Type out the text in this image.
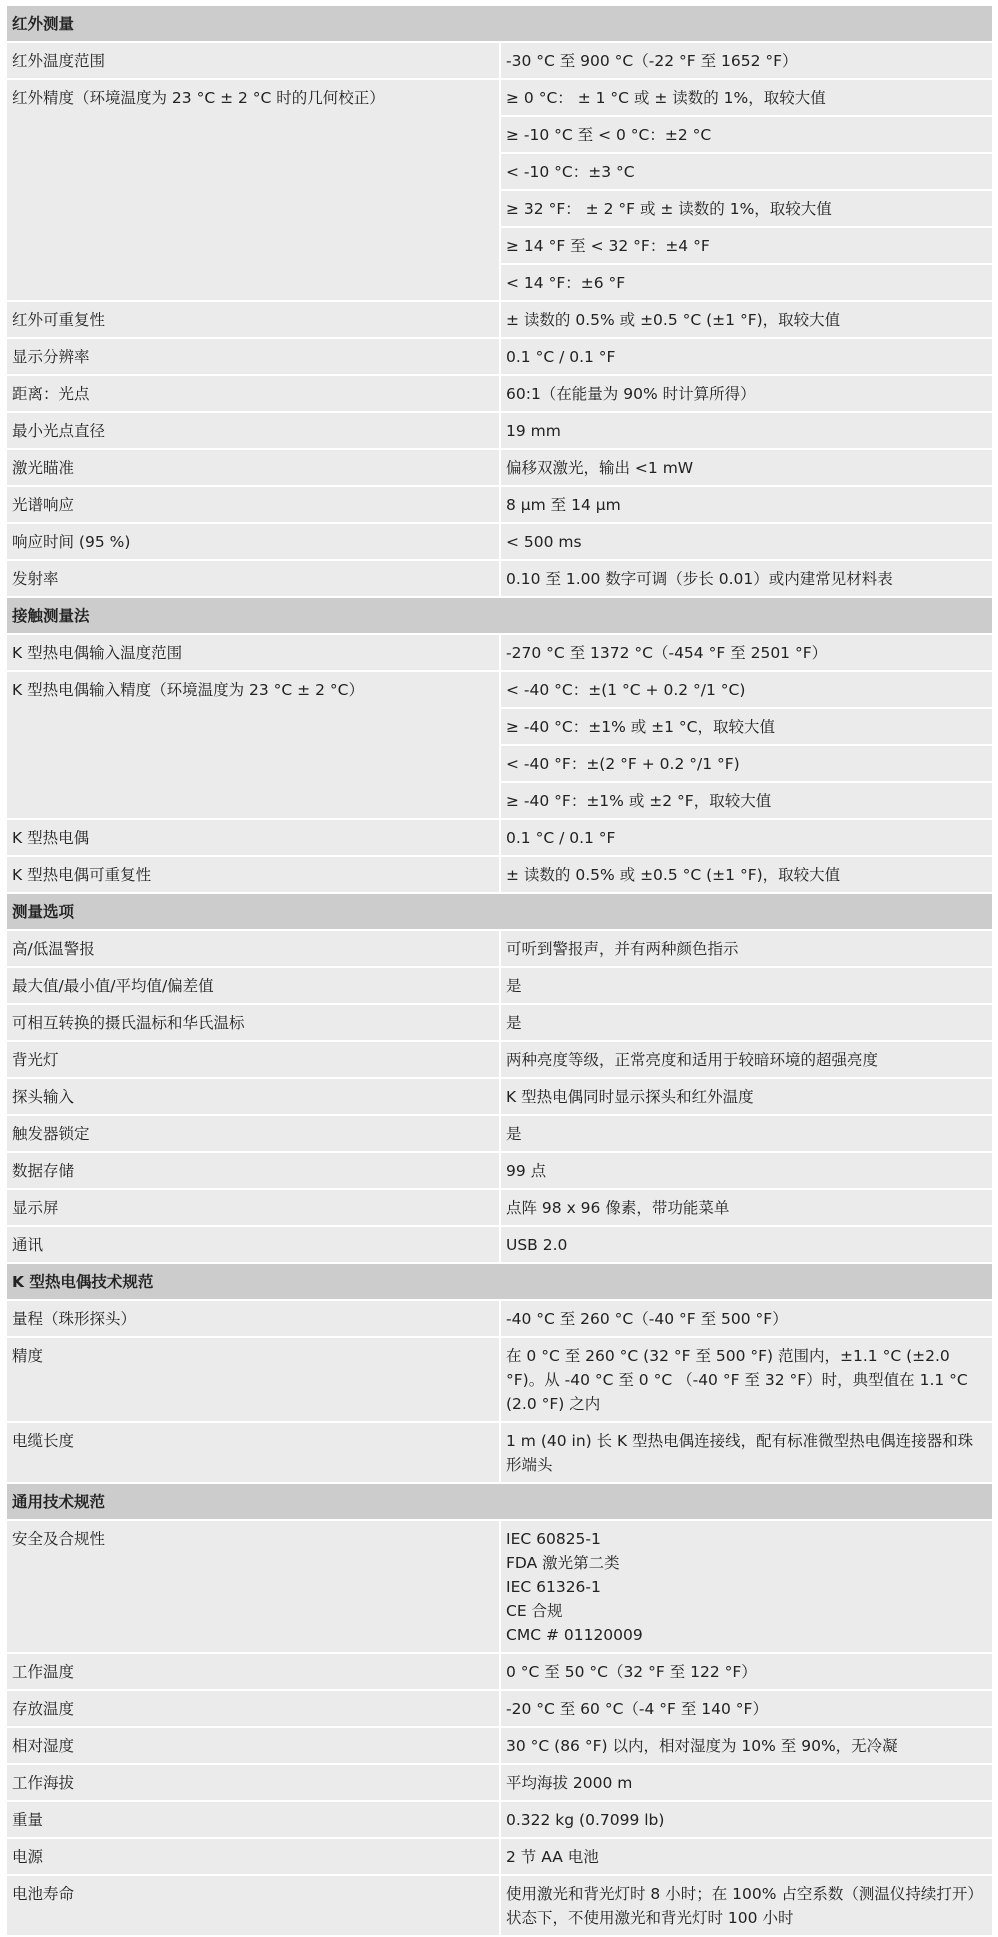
红外测量	
红外温度范围	-30 °C 至 900 °C（-22 °F 至 1652 °F）
红外精度（环境温度为 23 °C ± 2 °C 时的几何校正）	≥ 0 °C： ± 1 °C 或 ± 读数的 1%，取较大值
	≥ -10 °C 至 < 0 °C：±2 °C
	< -10 °C：±3 °C
	≥ 32 °F： ± 2 °F 或 ± 读数的 1%，取较大值
	≥ 14 °F 至 < 32 °F：±4 °F
	< 14 °F：±6 °F
红外可重复性	± 读数的 0.5% 或 ±0.5 °C (±1 °F)，取较大值
显示分辨率	0.1 °C / 0.1 °F
距离：光点	60:1（在能量为 90% 时计算所得）
最小光点直径	19 mm
激光瞄准	偏移双激光，输出 <1 mW
光谱响应	8 µm 至 14 µm
响应时间 (95 %)	< 500 ms
发射率	0.10 至 1.00 数字可调（步长 0.01）或内建常见材料表
接触测量法	
K 型热电偶输入温度范围	-270 °C 至 1372 °C（-454 °F 至 2501 °F）
K 型热电偶输入精度（环境温度为 23 °C ± 2 °C）	< -40 °C：±(1 °C + 0.2 °/1 °C)
	≥ -40 °C：±1% 或 ±1 °C，取较大值
	< -40 °F：±(2 °F + 0.2 °/1 °F)
	≥ -40 °F：±1% 或 ±2 °F，取较大值
K 型热电偶	0.1 °C / 0.1 °F
K 型热电偶可重复性	± 读数的 0.5% 或 ±0.5 °C (±1 °F)，取较大值
测量选项	
高/低温警报	可听到警报声，并有两种颜色指示
最大值/最小值/平均值/偏差值	是
可相互转换的摄氏温标和华氏温标	是
背光灯	两种亮度等级，正常亮度和适用于较暗环境的超强亮度
探头输入	K 型热电偶同时显示探头和红外温度
触发器锁定	是
数据存储	99 点
显示屏	点阵 98 x 96 像素，带功能菜单
通讯	USB 2.0
K 型热电偶技术规范	
量程（珠形探头）	-40 °C 至 260 °C（-40 °F 至 500 °F）
精度	在 0 °C 至 260 °C (32 °F 至 500 °F) 范围内，±1.1 °C (±2.0 °F)。从 -40 °C 至 0 °C （-40 °F 至 32 °F）时，典型值在 1.1 °C (2.0 °F) 之内
电缆长度	1 m (40 in) 长 K 型热电偶连接线，配有标准微型热电偶连接器和珠形端头
通用技术规范	
安全及合规性	IEC 60825-1
FDA 激光第二类
IEC 61326-1
CE 合规
CMC # 01120009

工作温度	0 °C 至 50 °C（32 °F 至 122 °F）
存放温度	-20 °C 至 60 °C（-4 °F 至 140 °F）
相对湿度	30 °C (86 °F) 以内，相对湿度为 10% 至 90%，无冷凝
工作海拔	平均海拔 2000 m
重量	0.322 kg (0.7099 lb)
电源	2 节 AA 电池
电池寿命	使用激光和背光灯时 8 小时；在 100% 占空系数（测温仪持续打开）状态下，不使用激光和背光灯时 100 小时
